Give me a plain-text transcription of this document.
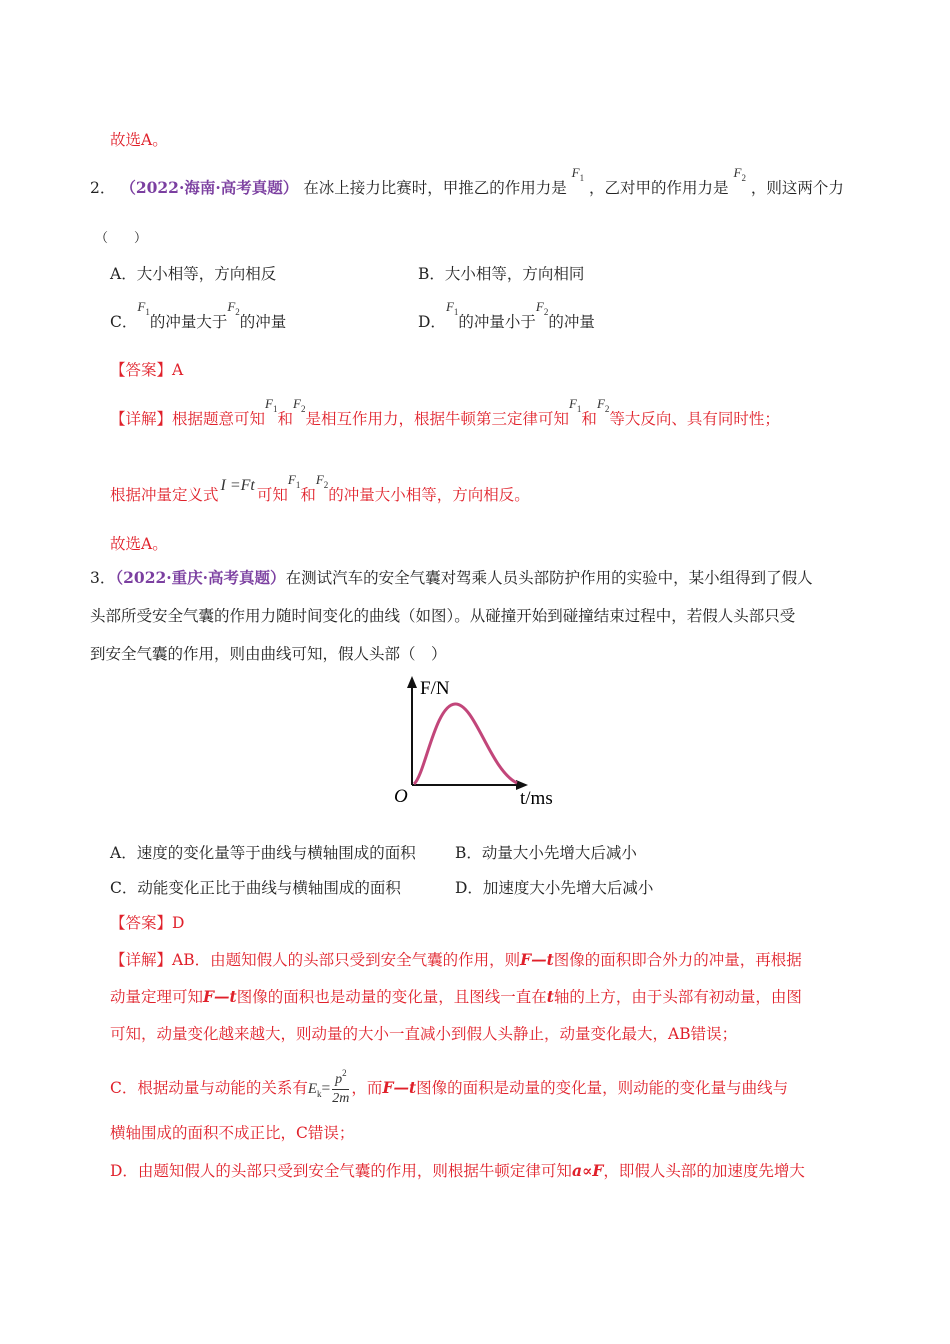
故选A。
2． （2022·海南·高考真题） 在冰上接力比赛时，甲推乙的作用力是 $F_1$ ，乙对甲的作用力是 $F_2$ ，则这两个力
（　　）
A．大小相等，方向相反	B．大小相等，方向相同
C．$F_1$的冲量大于$F_2$的冲量	D．$F_1$的冲量小于$F_2$的冲量
【答案】A
【详解】根据题意可知$F_1$和$F_2$是相互作用力，根据牛顿第三定律可知$F_1$和$F_2$等大反向、具有同时性；
根据冲量定义式I =Ft可知$F_1$和$F_2$的冲量大小相等，方向相反。
故选A。
3．（2022·重庆·高考真题）在测试汽车的安全气囊对驾乘人员头部防护作用的实验中，某小组得到了假人
头部所受安全气囊的作用力随时间变化的曲线（如图）。从碰撞开始到碰撞结束过程中，若假人头部只受
到安全气囊的作用，则由曲线可知，假人头部（　）
F/N
O	t/ms
A．速度的变化量等于曲线与横轴围成的面积	B．动量大小先增大后减小
C．动能变化正比于曲线与横轴围成的面积	D．加速度大小先增大后减小
【答案】D
【详解】AB．由题知假人的头部只受到安全气囊的作用，则F—t图像的面积即合外力的冲量，再根据
动量定理可知F—t图像的面积也是动量的变化量，且图线一直在t轴的上方，由于头部有初动量，由图
可知，动量变化越来越大，则动量的大小一直减小到假人头静止，动量变化最大，AB错误；
C．根据动量与动能的关系有$E_k= \frac{p^2}{2m}$ ，而F—t图像的面积是动量的变化量，则动能的变化量与曲线与
横轴围成的面积不成正比，C错误；
D．由题知假人的头部只受到安全气囊的作用，则根据牛顿定律可知a∝F，即假人头部的加速度先增大
